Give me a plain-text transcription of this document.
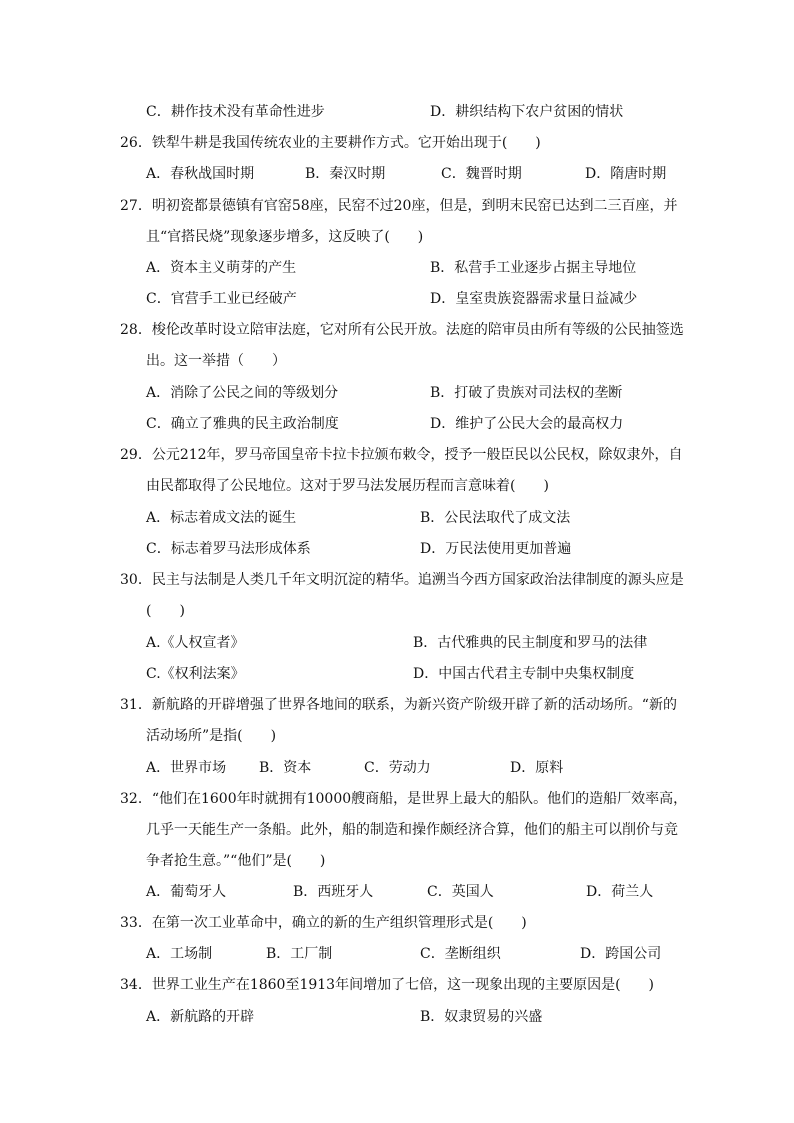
C．耕作技术没有革命性进步	D．耕织结构下农户贫困的情状
26．铁犁牛耕是我国传统农业的主要耕作方式。它开始出现于(　　)
A．春秋战国时期	B．秦汉时期	C．魏晋时期	D．隋唐时期
27．明初瓷都景德镇有官窑58座，民窑不过20座，但是，到明末民窑已达到二三百座，并
且“官搭民烧”现象逐步增多，这反映了(　　)
A．资本主义萌芽的产生	B．私营手工业逐步占据主导地位
C．官营手工业已经破产	D．皇室贵族瓷器需求量日益减少
28．梭伦改革时设立陪审法庭，它对所有公民开放。法庭的陪审员由所有等级的公民抽签选
出。这一举措（　　）
A．消除了公民之间的等级划分	B．打破了贵族对司法权的垄断
C．确立了雅典的民主政治制度	D．维护了公民大会的最高权力
29．公元212年，罗马帝国皇帝卡拉卡拉颁布敕令，授予一般臣民以公民权，除奴隶外，自
由民都取得了公民地位。这对于罗马法发展历程而言意味着(　　)
A．标志着成文法的诞生	B．公民法取代了成文法
C．标志着罗马法形成体系	D．万民法使用更加普遍
30．民主与法制是人类几千年文明沉淀的精华。追溯当今西方国家政治法律制度的源头应是
(　　)
A.《人权宣者》	B．古代雅典的民主制度和罗马的法律
C.《权利法案》	D．中国古代君主专制中央集权制度
31．新航路的开辟增强了世界各地间的联系，为新兴资产阶级开辟了新的活动场所。“新的
活动场所”是指(　　)
A．世界市场 B．资本	C．劳动力	D．原料
32．“他们在1600年时就拥有10000艘商船，是世界上最大的船队。他们的造船厂效率高，
几乎一天能生产一条船。此外，船的制造和操作颇经济合算，他们的船主可以削价与竞
争者抢生意。”“他们”是(　　)
A．葡萄牙人	B．西班牙人	C．英国人	D．荷兰人
33．在第一次工业革命中，确立的新的生产组织管理形式是(　　)
A．工场制	B．工厂制	C．垄断组织	D．跨国公司
34．世界工业生产在1860至1913年间增加了七倍，这一现象出现的主要原因是(　　)
A．新航路的开辟	B．奴隶贸易的兴盛
